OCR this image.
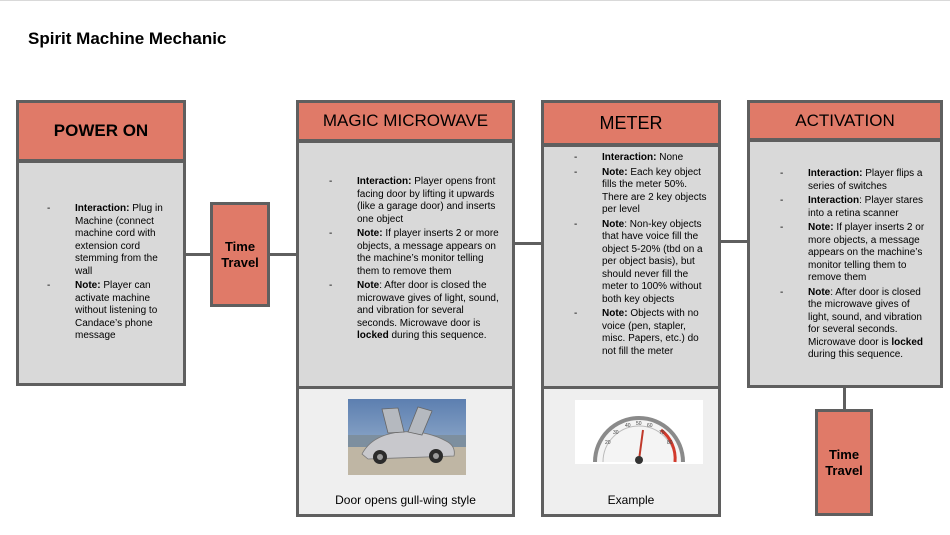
Spirit Machine Mechanic
POWER ON
- Interaction: Plug in Machine (connect machine cord with extension cord stemming from the wall
- Note: Player can activate machine without listening to Candace’s phone message
Time Travel
MAGIC MICROWAVE
- Interaction: Player opens front facing door by lifting it upwards (like a garage door) and inserts one object
- Note: If player inserts 2 or more objects, a message appears on the machine’s monitor telling them to remove them
- Note: After door is closed the microwave gives of light, sound, and vibration for several seconds. Microwave door is locked during this sequence.
Door opens gull-wing style
METER
- Interaction: None
- Note: Each key object fills the meter 50%. There are 2 key objects per level
- Note: Non-key objects that have voice fill the object 5-20% (tbd on a per object basis), but should never fill the meter to 100% without both key objects
- Note: Objects with no voice (pen, stapler, misc. Papers, etc.) do not fill the meter
20
30
40 50 60
70
80
Example
ACTIVATION
- Interaction: Player flips a series of switches
- Interaction: Player stares into a retina scanner
- Note: If player inserts 2 or more objects, a message appears on the machine’s monitor telling them to remove them
- Note: After door is closed the microwave gives of light, sound, and vibration for several seconds. Microwave door is locked during this sequence.
Time Travel
